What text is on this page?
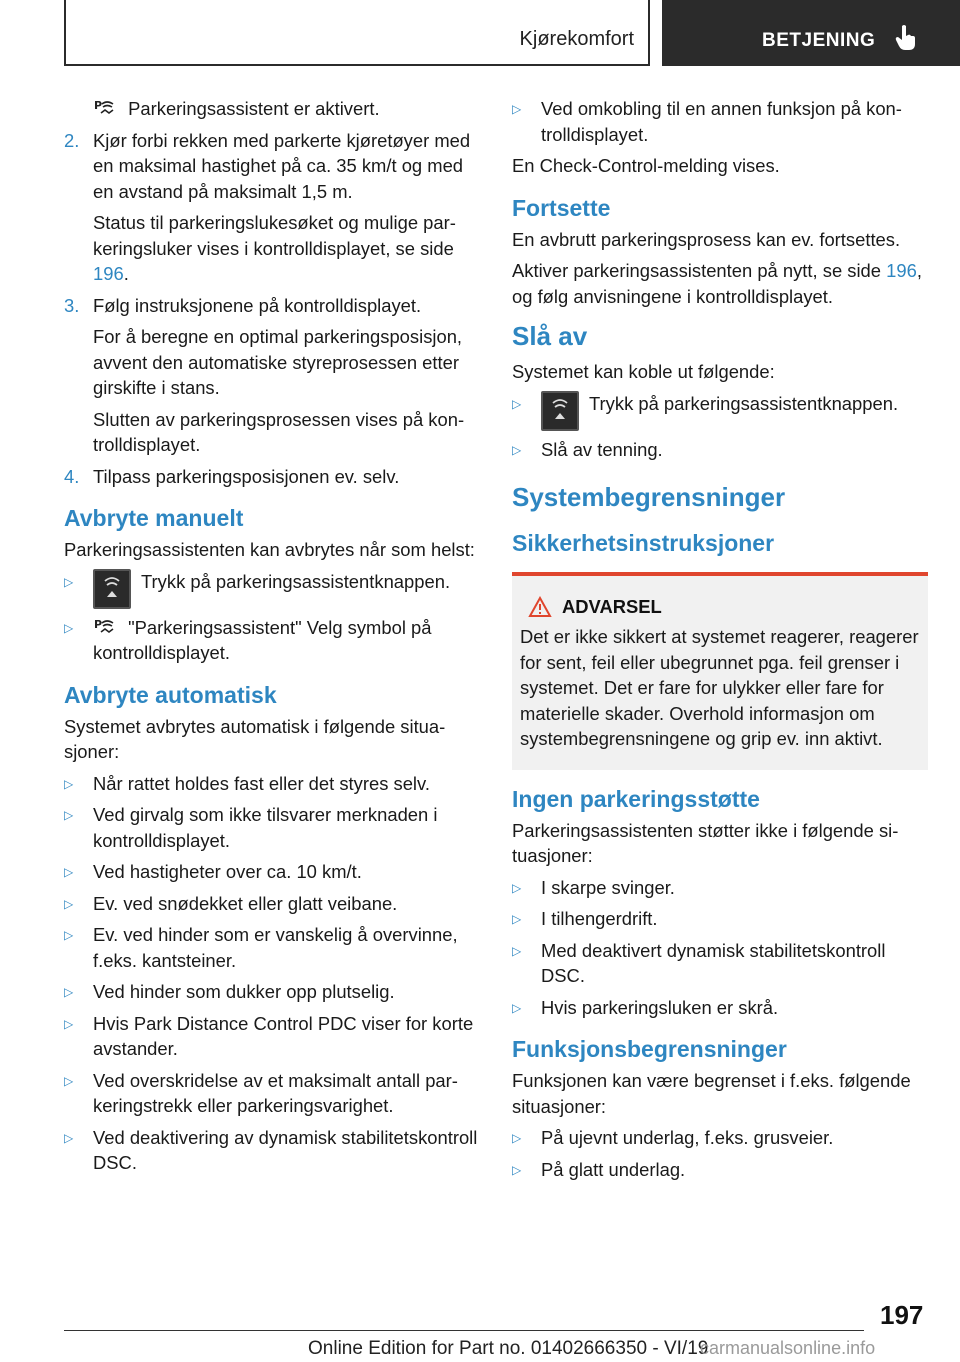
Kjørekomfort	BETJENING
P Parkeringsassistent er aktivert.
2. Kjør forbi rekken med parkerte kjøretøyer med en maksimal hastighet på ca. 35 km/t og med en avstand på maksimalt 1,5 m.
Status til parkeringslukesøket og mulige parkeringsluker vises i kontrolldisplayet, se side 196.
3. Følg instruksjonene på kontrolldisplayet.
For å beregne en optimal parkeringsposisjon, avvent den automatiske styreprosessen etter girskifte i stans.
Slutten av parkeringsprosessen vises på kontrolldisplayet.
4. Tilpass parkeringsposisjonen ev. selv.
Avbryte manuelt

Parkeringsassistenten kan avbrytes når som helst:

▷	Trykk på parkeringsassistentknappen.
▷ P "Parkeringsassistent" Velg symbol på kontrolldisplayet.
Avbryte automatisk

Systemet avbrytes automatisk i følgende situasjoner:

▷ Når rattet holdes fast eller det styres selv.
▷ Ved girvalg som ikke tilsvarer merknaden i kontrolldisplayet.
▷ Ved hastigheter over ca. 10 km/t.
▷ Ev. ved snødekket eller glatt veibane.
▷ Ev. ved hinder som er vanskelig å overvinne, f.eks. kantsteiner.
▷ Ved hinder som dukker opp plutselig.
▷ Hvis Park Distance Control PDC viser for korte avstander.
▷ Ved overskridelse av et maksimalt antall parkeringstrekk eller parkeringsvarighet.
▷ Ved deaktivering av dynamisk stabilitetskontroll DSC.
▷ Ved omkobling til en annen funksjon på kontrolldisplayet.

En Check-Control-melding vises.

Fortsette

En avbrutt parkeringsprosess kan ev. fortsettes.

Aktiver parkeringsassistenten på nytt, se side 196, og følg anvisningene i kontrolldisplayet.

Slå av

Systemet kan koble ut følgende:

▷	Trykk på parkeringsassistentknappen.
▷ Slå av tenning.
Systembegrensninger
Sikkerhetsinstruksjoner
ADVARSEL

Det er ikke sikkert at systemet reagerer, reagerer for sent, feil eller ubegrunnet pga. feil grenser i systemet. Det er fare for ulykker eller fare for materielle skader. Overhold informasjon om systembegrensningene og grip ev. inn aktivt.

Ingen parkeringsstøtte

Parkeringsassistenten støtter ikke i følgende situasjoner:

▷ I skarpe svinger.
▷ I tilhengerdrift.
▷ Med deaktivert dynamisk stabilitetskontroll DSC.
▷ Hvis parkeringsluken er skrå.
Funksjonsbegrensninger

Funksjonen kan være begrenset i f.eks. følgende situasjoner:

▷ På ujevnt underlag, f.eks. grusveier.
▷ På glatt underlag.
197
Online Edition for Part no. 01402666350 - VI/19
carmanualsonline.info
